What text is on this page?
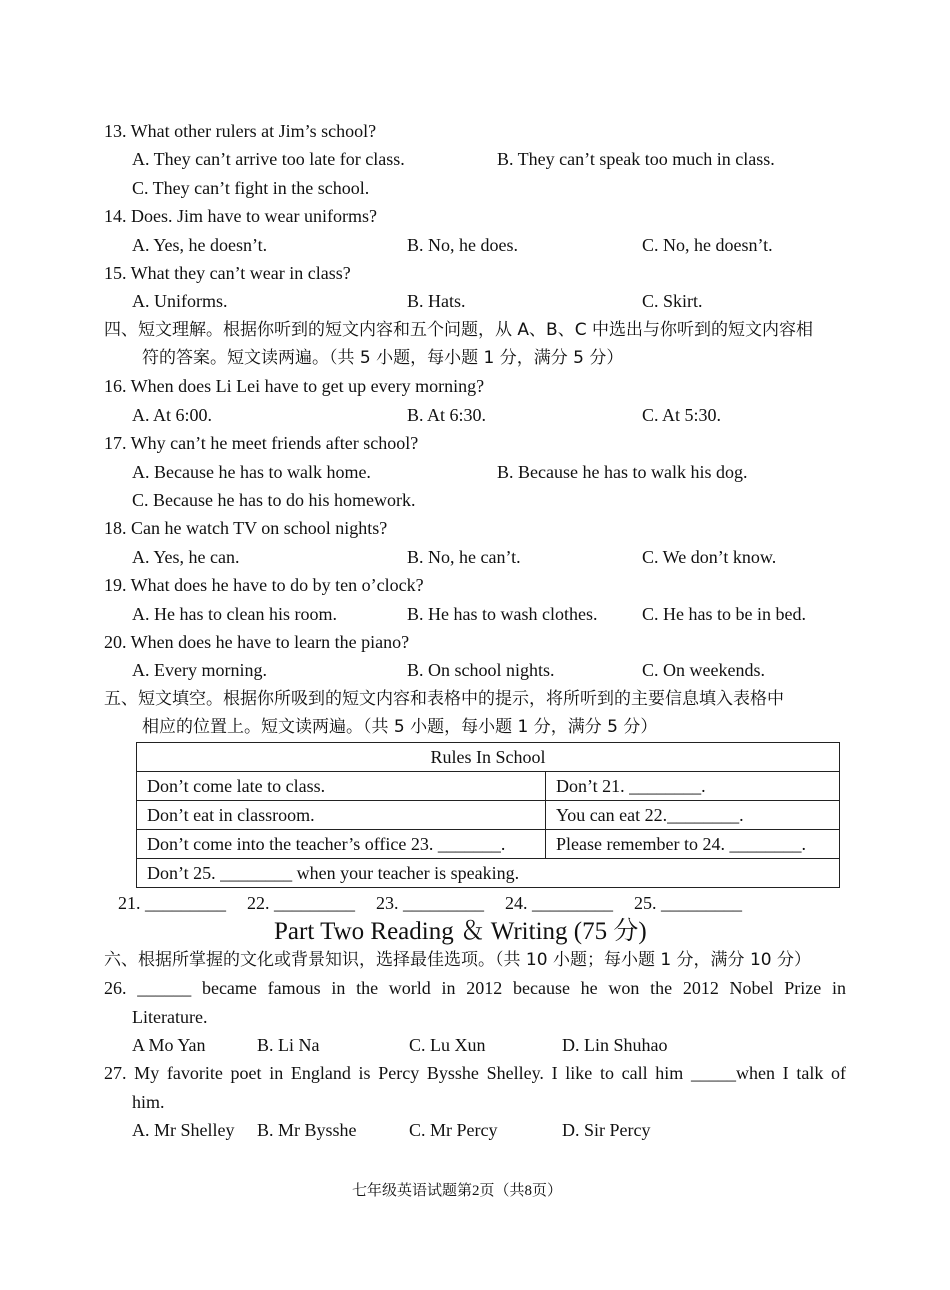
13. What other rulers at Jim’s school?
A. They can’t arrive too late for class.	B. They can’t speak too much in class.
C. They can’t fight in the school.
14. Does. Jim have to wear uniforms?
A. Yes, he doesn’t.	B. No, he does.	C. No, he doesn’t.
15. What they can’t wear in class?
A. Uniforms.	B. Hats.	C. Skirt.
四、短文理解。根据你听到的短文内容和五个问题，从 A、B、C 中选出与你听到的短文内容相
符的答案。短文读两遍。（共 5 小题，每小题 1 分，满分 5 分）
16. When does Li Lei have to get up every morning?
A. At 6:00.	B. At 6:30.	C. At 5:30.
17. Why can’t he meet friends after school?
A. Because he has to walk home.	B. Because he has to walk his dog.
C. Because he has to do his homework.
18. Can he watch TV on school nights?
A. Yes, he can.	B. No, he can’t.	C. We don’t know.
19. What does he have to do by ten o’clock?
A. He has to clean his room.	B. He has to wash clothes. C. He has to be in bed.
20. When does he have to learn the piano?
A. Every morning.	B. On school nights.	C. On weekends.
五、短文填空。根据你所吸到的短文内容和表格中的提示，将所听到的主要信息填入表格中
相应的位置上。短文读两遍。（共 5 小题，每小题 1 分，满分 5 分）
Rules In School	
Don’t come late to class.	Don’t 21. ________.
Don’t eat in classroom.	You can eat 22.________.
Don’t come into the teacher’s office 23. _______.	Please remember to 24. ________.
Don’t 25. ________ when your teacher is speaking.	
21. _________ 22. _________ 23. _________ 24. _________ 25. _________
Part Two Reading ＆ Writing (75 分)
六、根据所掌握的文化或背景知识，选择最佳选项。（共 10 小题；每小题 1 分，满分 10 分）
26. ______ became famous in the world in 2012 because he won the 2012 Nobel Prize in
Literature.
A Mo Yan	B. Li Na	C. Lu Xun	D. Lin Shuhao
27. My favorite poet in England is Percy Bysshe Shelley. I like to call him _____when I talk of
him.
A. Mr Shelley B. Mr Bysshe	C. Mr Percy	D. Sir Percy
七年级英语试题第2页（共8页）
